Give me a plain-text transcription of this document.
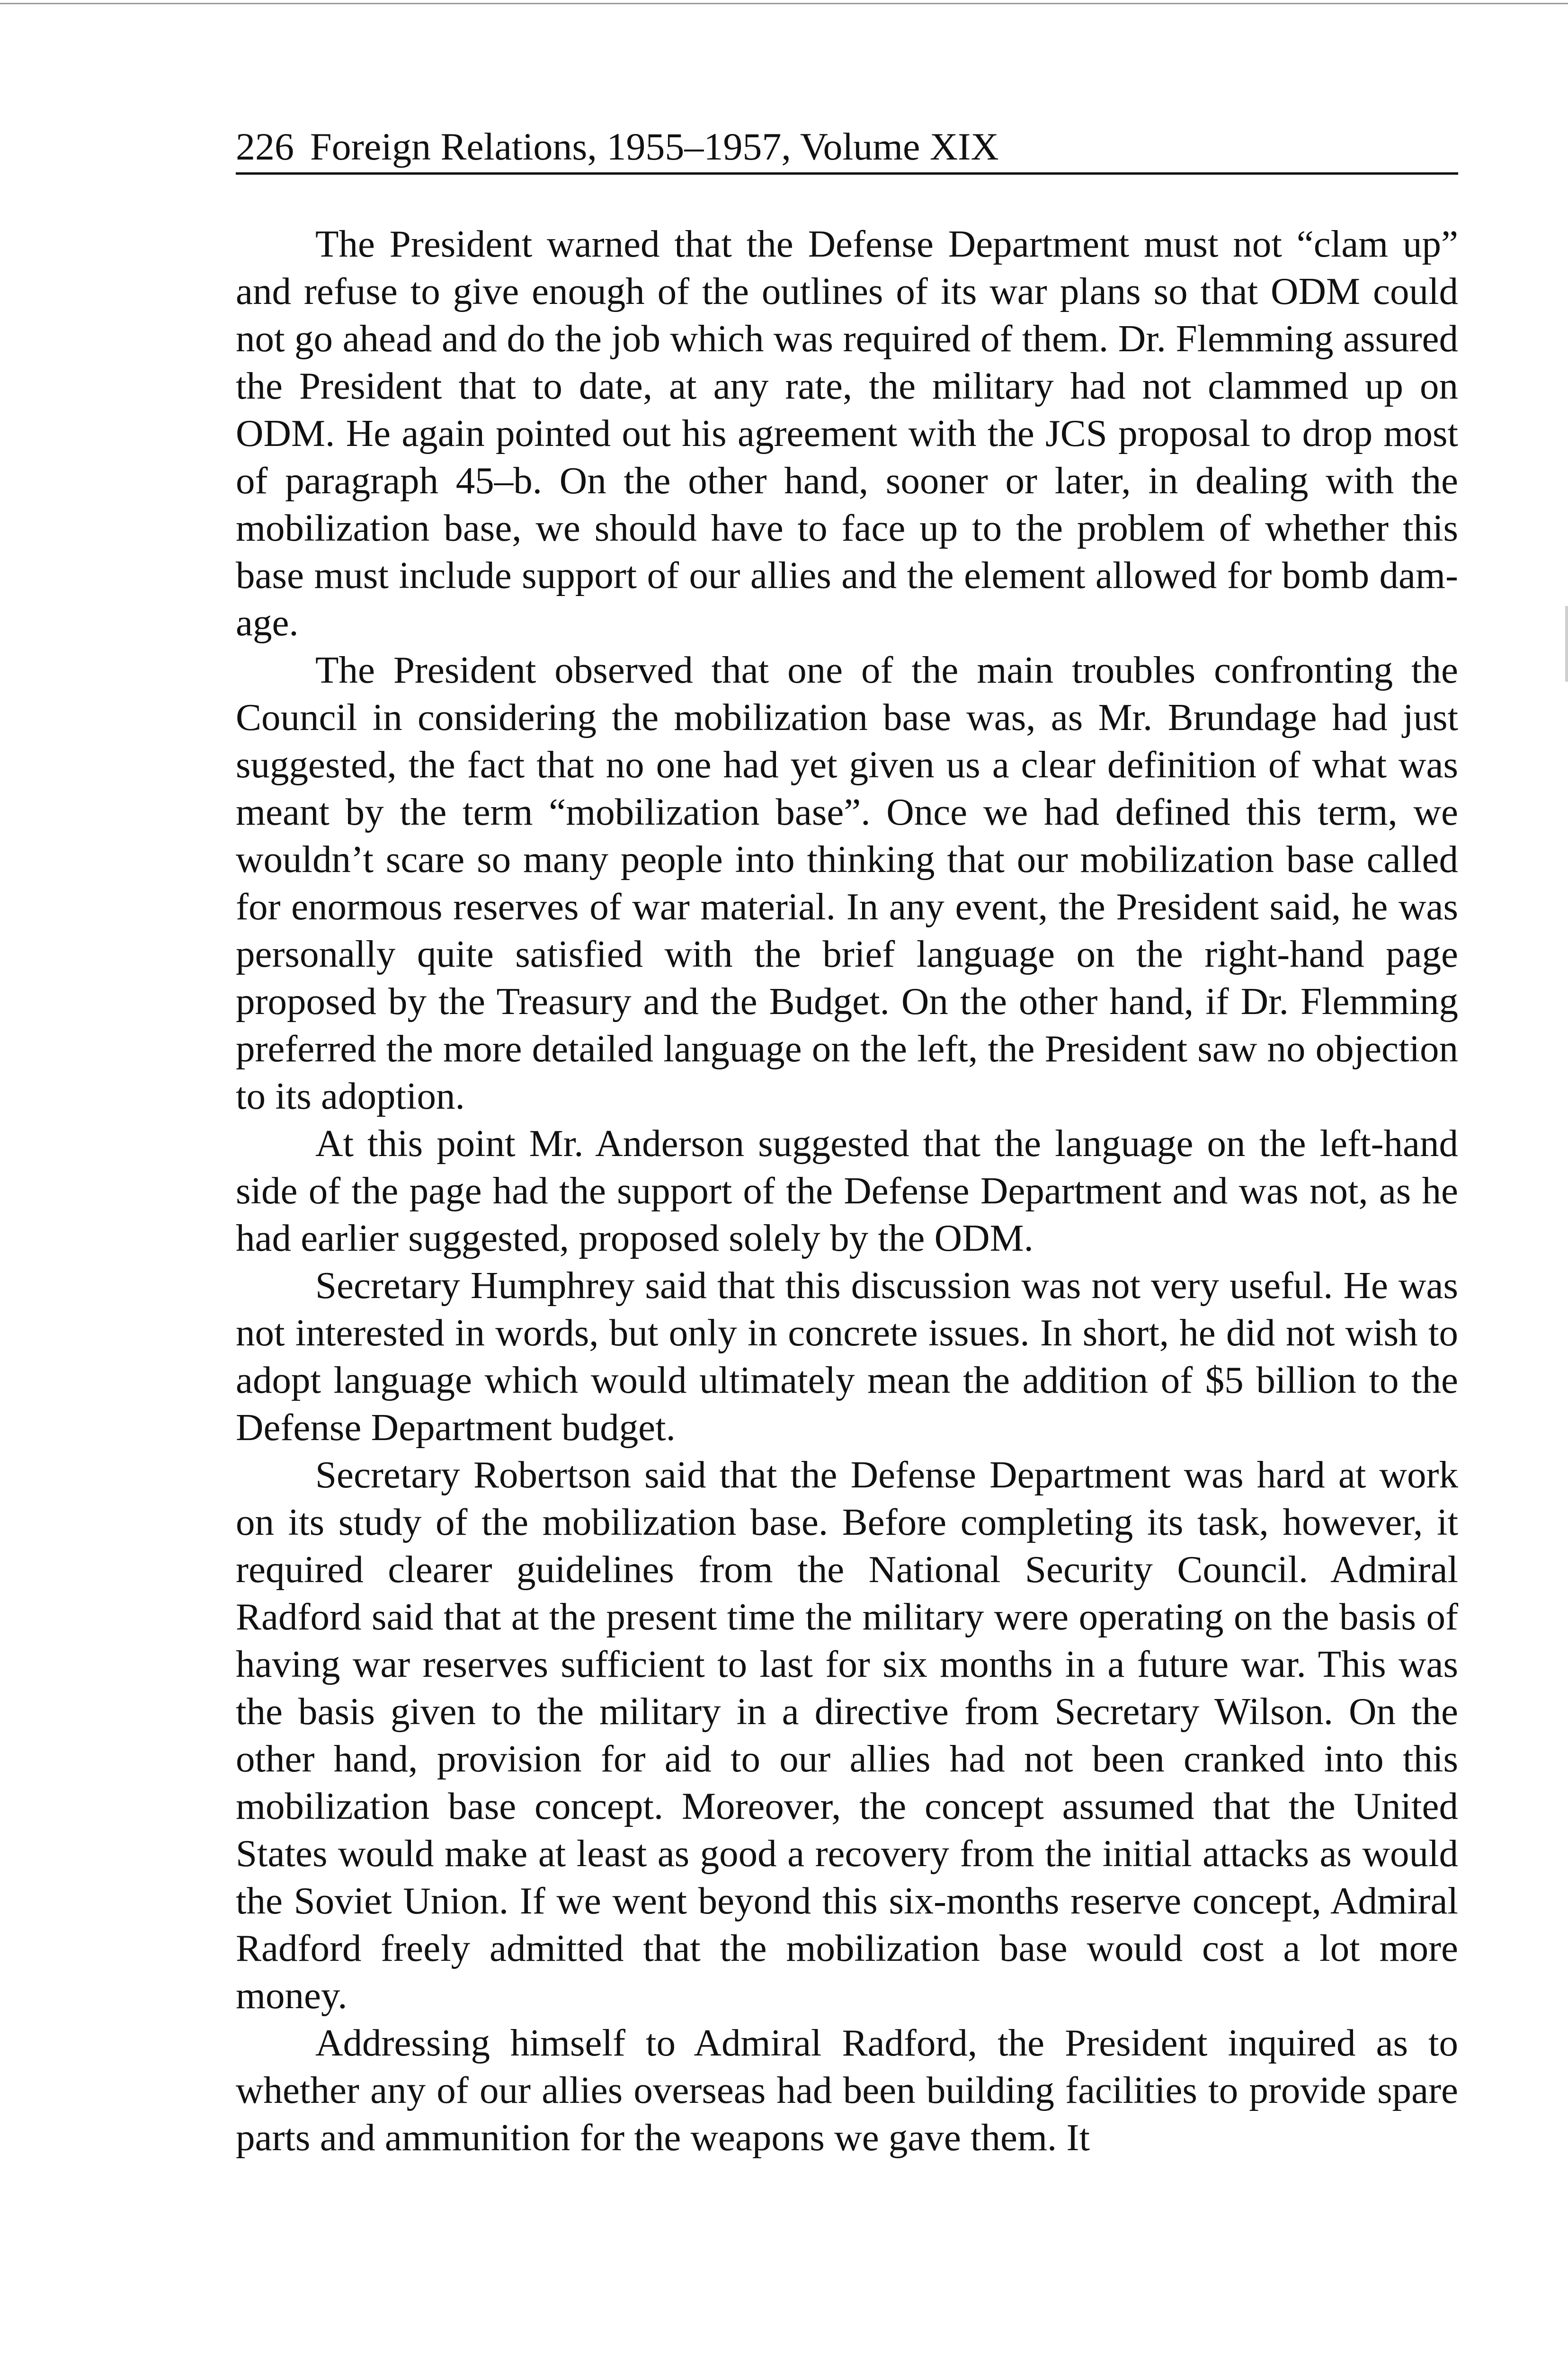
226 Foreign Relations, 1955–1957, Volume XIX

The President warned that the Defense Department must not “clam up” and refuse to give enough of the outlines of its war plans so that ODM could not go ahead and do the job which was required of them. Dr. Flemming assured the President that to date, at any rate, the military had not clammed up on ODM. He again pointed out his agreement with the JCS proposal to drop most of paragraph 45–b. On the other hand, sooner or later, in dealing with the mobilization base, we should have to face up to the problem of whether this base must include support of our allies and the element allowed for bomb damage.

The President observed that one of the main troubles confronting the Council in considering the mobilization base was, as Mr. Brundage had just suggested, the fact that no one had yet given us a clear definition of what was meant by the term “mobilization base”. Once we had defined this term, we wouldn’t scare so many people into thinking that our mobilization base called for enormous reserves of war material. In any event, the President said, he was personally quite satisfied with the brief language on the right-hand page proposed by the Treasury and the Budget. On the other hand, if Dr. Flemming preferred the more detailed language on the left, the President saw no objection to its adoption.

At this point Mr. Anderson suggested that the language on the left-hand side of the page had the support of the Defense Department and was not, as he had earlier suggested, proposed solely by the ODM.

Secretary Humphrey said that this discussion was not very useful. He was not interested in words, but only in concrete issues. In short, he did not wish to adopt language which would ultimately mean the addition of $5 billion to the Defense Department budget.

Secretary Robertson said that the Defense Department was hard at work on its study of the mobilization base. Before completing its task, however, it required clearer guidelines from the National Security Council. Admiral Radford said that at the present time the military were operating on the basis of having war reserves sufficient to last for six months in a future war. This was the basis given to the military in a directive from Secretary Wilson. On the other hand, provision for aid to our allies had not been cranked into this mobilization base concept. Moreover, the concept assumed that the United States would make at least as good a recovery from the initial attacks as would the Soviet Union. If we went beyond this six-months reserve concept, Admiral Radford freely admitted that the mobilization base would cost a lot more money.

Addressing himself to Admiral Radford, the President inquired as to whether any of our allies overseas had been building facilities to provide spare parts and ammunition for the weapons we gave them. It
